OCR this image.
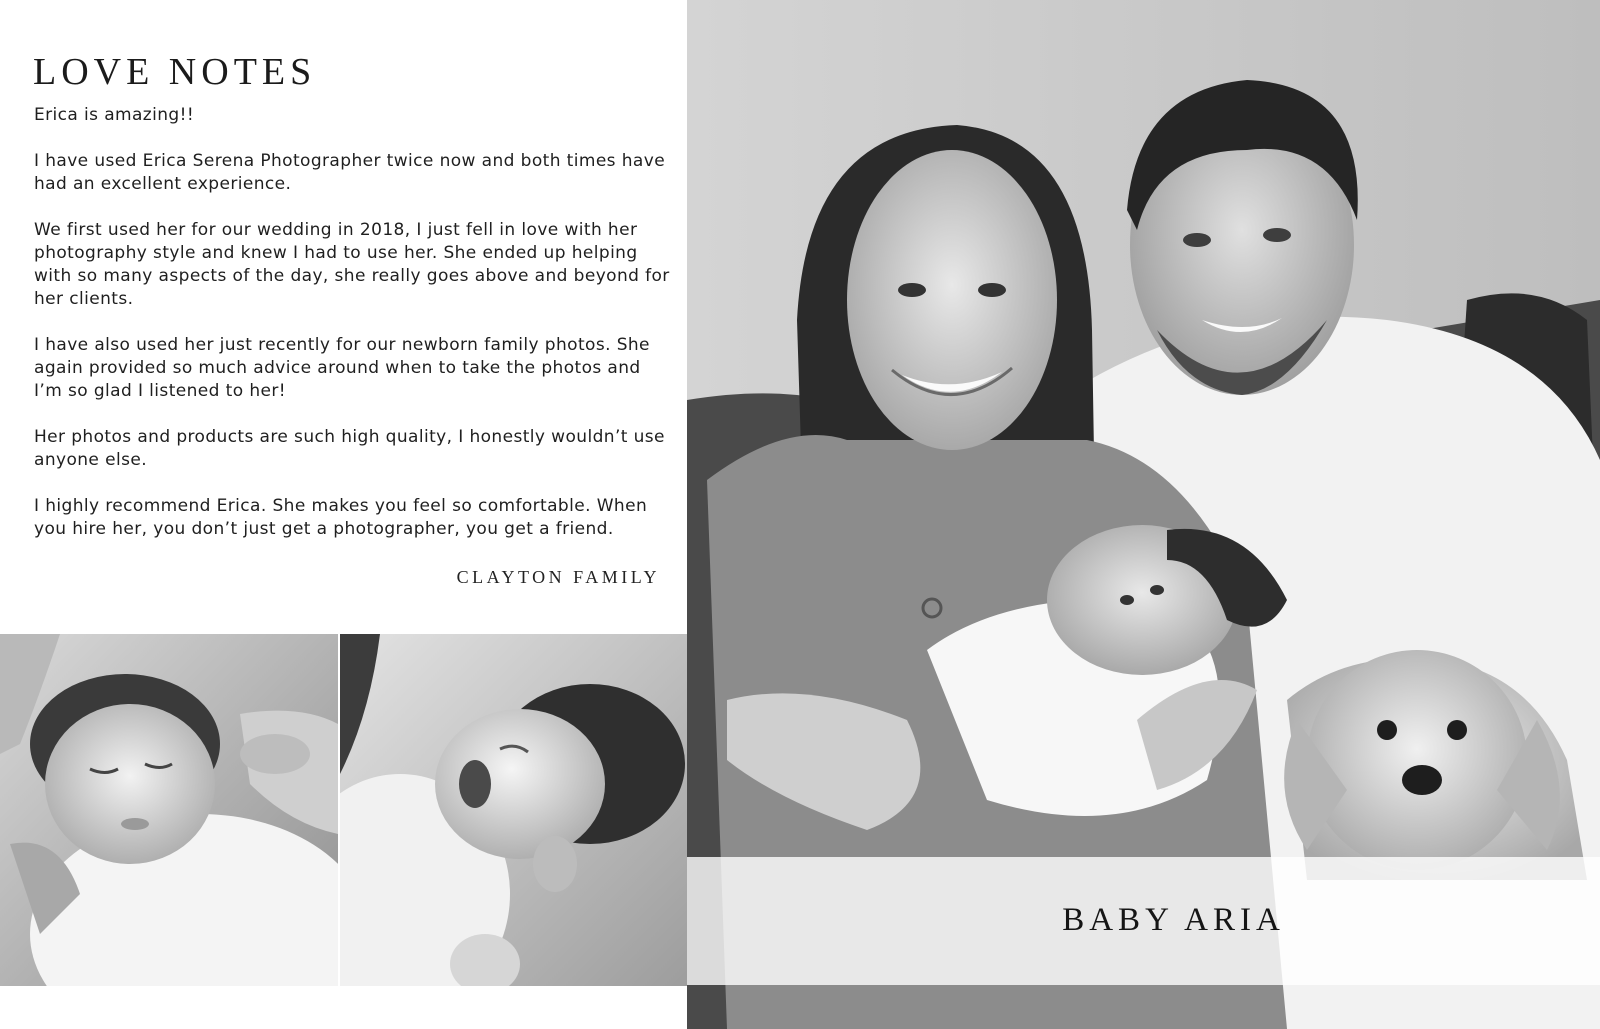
LOVE NOTES

Erica is amazing!!

I have used Erica Serena Photographer twice now and both times have had an excellent experience.

We first used her for our wedding in 2018, I just fell in love with her photography style and knew I had to use her. She ended up helping with so many aspects of the day, she really goes above and beyond for her clients.

I have also used her just recently for our newborn family photos. She again provided so much advice around when to take the photos and I’m so glad I listened to her!

Her photos and products are such high quality, I honestly wouldn’t use anyone else.

I highly recommend Erica. She makes you feel so comfortable. When you hire her, you don’t just get a photographer, you get a friend.

CLAYTON FAMILY
BABY ARIA
